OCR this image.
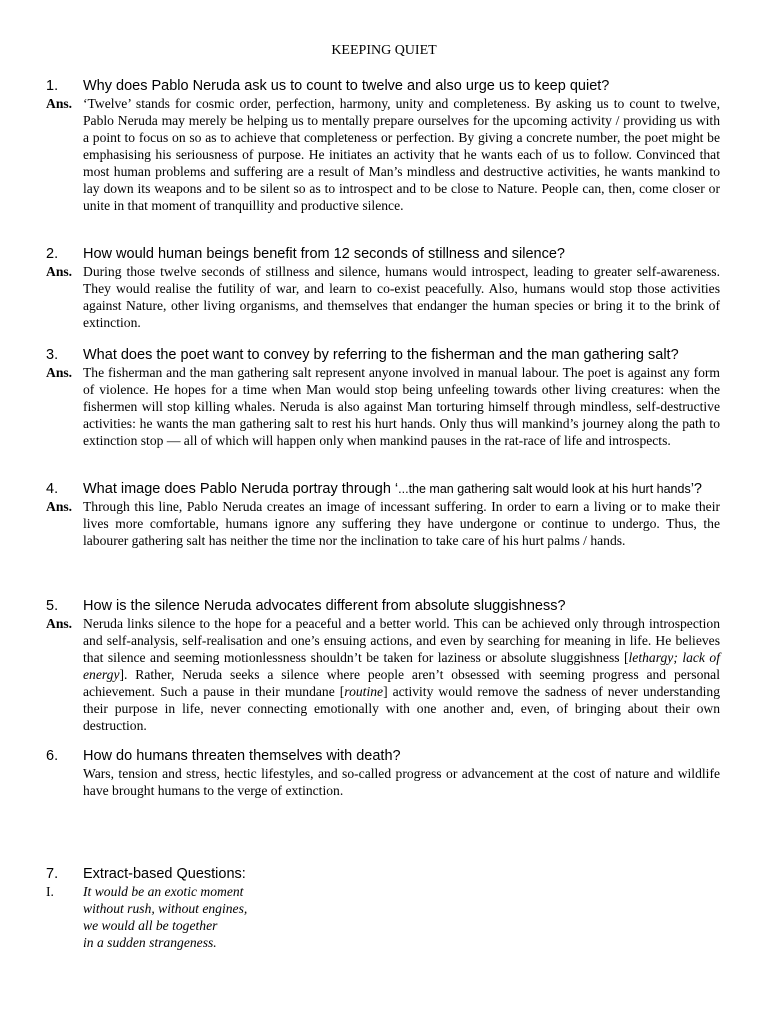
KEEPING QUIET
1.	Why does Pablo Neruda ask us to count to twelve and also urge us to keep quiet?
Ans. ‘Twelve’ stands for cosmic order, perfection, harmony, unity and completeness. By asking us to count to twelve, Pablo Neruda may merely be helping us to mentally prepare ourselves for the upcoming activity / providing us with a point to focus on so as to achieve that completeness or perfection. By giving a concrete number, the poet might be emphasising his seriousness of purpose. He initiates an activity that he wants each of us to follow. Convinced that most human problems and suffering are a result of Man’s mindless and destructive activities, he wants mankind to lay down its weapons and to be silent so as to introspect and to be close to Nature. People can, then, come closer or unite in that moment of tranquillity and productive silence.
2.	How would human beings benefit from 12 seconds of stillness and silence?
Ans. During those twelve seconds of stillness and silence, humans would introspect, leading to greater self-awareness. They would realise the futility of war, and learn to co-exist peacefully. Also, humans would stop those activities against Nature, other living organisms, and themselves that endanger the human species or bring it to the brink of extinction.
3.	What does the poet want to convey by referring to the fisherman and the man gathering salt?
Ans. The fisherman and the man gathering salt represent anyone involved in manual labour. The poet is against any form of violence. He hopes for a time when Man would stop being unfeeling towards other living creatures: when the fishermen will stop killing whales. Neruda is also against Man torturing himself through mindless, self-destructive activities: he wants the man gathering salt to rest his hurt hands. Only thus will mankind’s journey along the path to extinction stop — all of which will happen only when mankind pauses in the rat-race of life and introspects.
4.	What image does Pablo Neruda portray through ‘...the man gathering salt would look at his hurt hands’?
Ans. Through this line, Pablo Neruda creates an image of incessant suffering. In order to earn a living or to make their lives more comfortable, humans ignore any suffering they have undergone or continue to undergo. Thus, the labourer gathering salt has neither the time nor the inclination to take care of his hurt palms / hands.
5.	How is the silence Neruda advocates different from absolute sluggishness?
Ans. Neruda links silence to the hope for a peaceful and a better world. This can be achieved only through introspection and self-analysis, self-realisation and one’s ensuing actions, and even by searching for meaning in life. He believes that silence and seeming motionlessness shouldn’t be taken for laziness or absolute sluggishness [lethargy; lack of energy]. Rather, Neruda seeks a silence where people aren’t obsessed with seeming progress and personal achievement. Such a pause in their mundane [routine] activity would remove the sadness of never understanding their purpose in life, never connecting emotionally with one another and, even, of bringing about their own destruction.
6.	How do humans threaten themselves with death?
Wars, tension and stress, hectic lifestyles, and so-called progress or advancement at the cost of nature and wildlife have brought humans to the verge of extinction.
7.	Extract-based Questions:
I.	It would be an exotic moment
without rush, without engines,
we would all be together
in a sudden strangeness.
